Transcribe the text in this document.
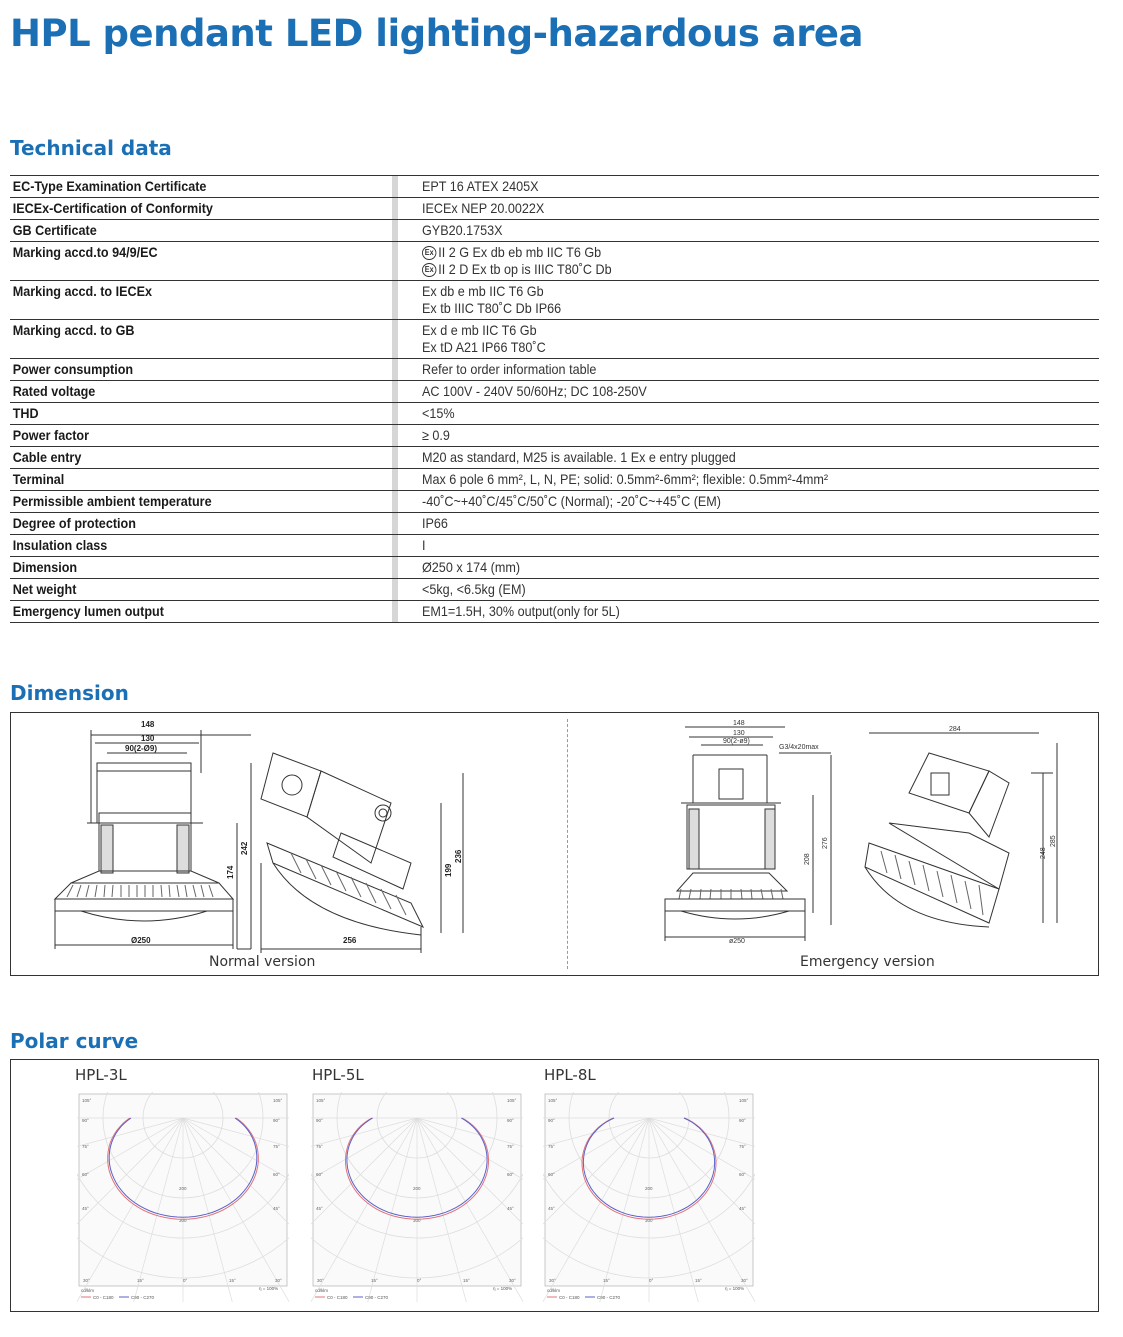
HPL pendant LED lighting-hazardous area
Technical data
EC-Type Examination Certificate	EPT 16 ATEX 2405X
IECEx-Certification of Conformity	IECEx NEP 20.0022X
GB Certificate	GYB20.1753X
Marking accd.to 94/9/EC	Ex II 2 G Ex db eb mb IIC T6 Gb
Ex II 2 D Ex tb op is IIIC T80˚C Db
Marking accd. to IECEx	Ex db e mb IIC T6 Gb
Ex tb IIIC T80˚C Db IP66
Marking accd. to GB	Ex d e mb IIC T6 Gb
Ex tD A21 IP66 T80˚C
Power consumption	Refer to order information table
Rated voltage	AC 100V - 240V 50/60Hz; DC 108-250V
THD	<15%
Power factor	≥ 0.9
Cable entry	M20 as standard, M25 is available. 1 Ex e entry plugged
Terminal	Max 6 pole 6 mm², L, N, PE; solid: 0.5mm²-6mm²; flexible: 0.5mm²-4mm²
Permissible ambient temperature	-40˚C~+40˚C/45˚C/50˚C (Normal); -20˚C~+45˚C (EM)
Degree of protection	IP66
Insulation class	I
Dimension	Ø250 x 174 (mm)
Net weight	<5kg, <6.5kg (EM)
Emergency lumen output	EM1=1.5H, 30% output(only for 5L)
Dimension
148
130
90(2-Ø9)
Ø250	256
242
174	199
236
148
130
90(2-ø9)
G3/4x20max
ø250
284
276
208
248
285
Normal version	Emergency version
Polar curve
HPL-3L	HPL-5L	HPL-8L
105°	105°
90°	90°
75°	75°
60°	60°
45°	45°
30°	15°	0°	15°	30°
200
300
cd/klm	η = 100%
C0 - C180	C90 - C270
105°	105°
90°	90°
75°	75°
60°	60°
45°	45°
30°	15°	0°	15°	30°
200
300
cd/klm	η = 100%
C0 - C180	C90 - C270
105°	105°
90°	90°
75°	75°
60°	60°
45°	45°
30°	15°	0°	15°	30°
200
300
cd/klm	η = 100%
C0 - C180	C90 - C270
